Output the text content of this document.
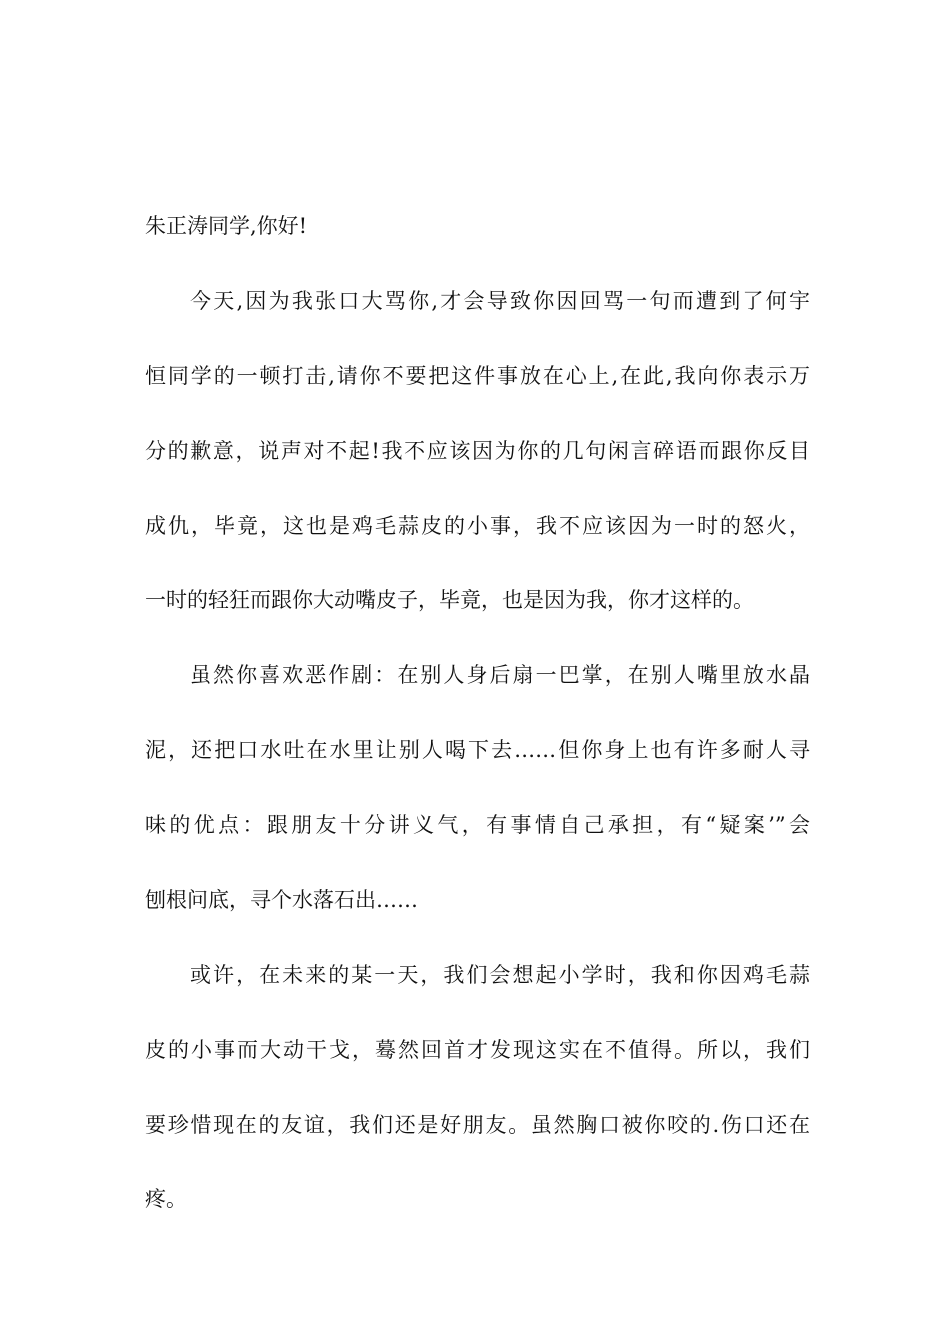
朱正涛同学,你好!
今天,因为我张口大骂你,才会导致你因回骂一句而遭到了何宇
恒同学的一顿打击,请你不要把这件事放在心上,在此,我向你表示万
分的歉意，说声对不起!我不应该因为你的几句闲言碎语而跟你反目
成仇，毕竟，这也是鸡毛蒜皮的小事，我不应该因为一时的怒火，
一时的轻狂而跟你大动嘴皮子，毕竟，也是因为我，你才这样的。
虽然你喜欢恶作剧：在别人身后扇一巴掌，在别人嘴里放水晶
泥，还把口水吐在水里让别人喝下去……但你身上也有许多耐人寻
味的优点：跟朋友十分讲义气，有事情自己承担，有“疑案’”会
刨根问底，寻个水落石出……
或许，在未来的某一天，我们会想起小学时，我和你因鸡毛蒜
皮的小事而大动干戈，蓦然回首才发现这实在不值得。所以，我们
要珍惜现在的友谊，我们还是好朋友。虽然胸口被你咬的.伤口还在
疼。
